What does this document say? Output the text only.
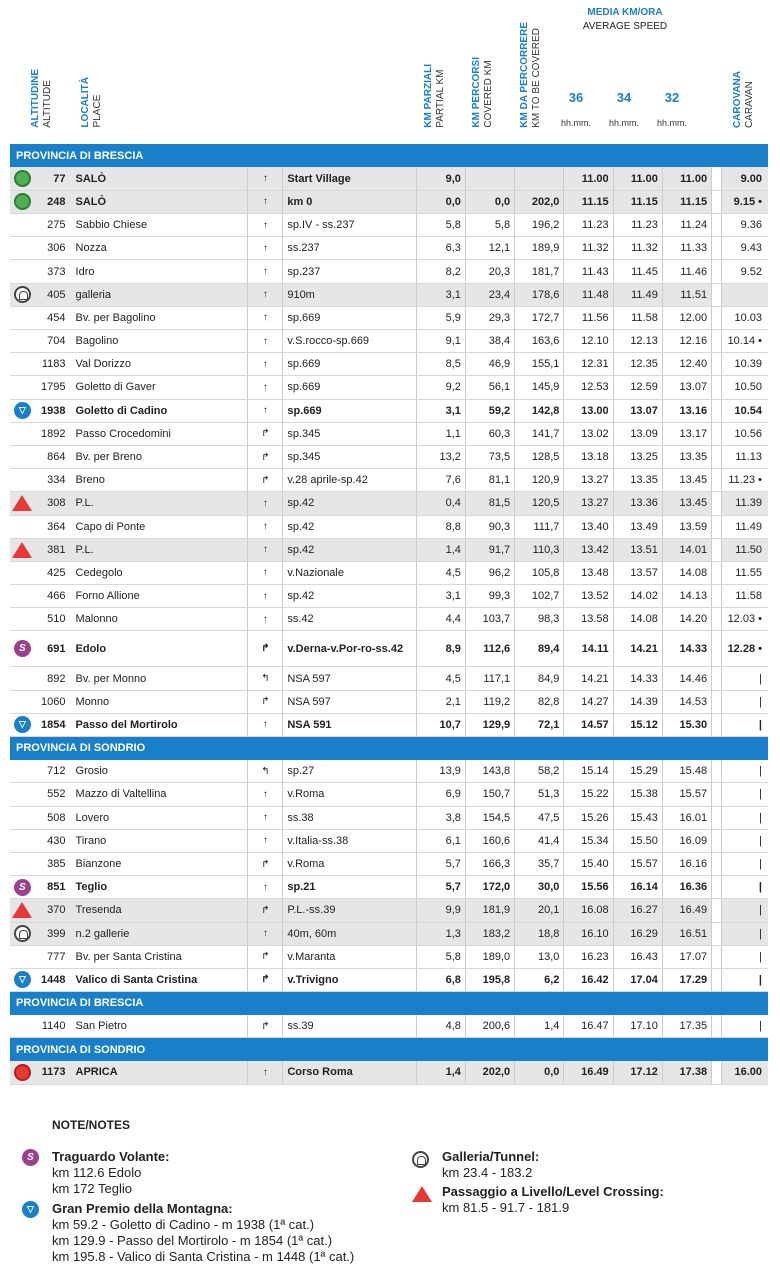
ALTITUDINE ALTITUDE	LOCALITÀ PLACE	KM PARZIALI PARTIAL KM	KM PERCORSI COVERED KM	KM DA PERCORRERE KM TO BE COVERED
MEDIA KM/ORA
AVERAGE SPEED
36	34	32
hh.mm.	hh.mm.	hh.mm.	CAROVANA CARAVAN
PROVINCIA DI BRESCIA												
	77	SALÒ	↑	Start Village	9,0			11.00	11.00	11.00		9.00
	248	SALÒ	↑	km 0	0,0	0,0	202,0	11.15	11.15	11.15		9.15 •
	275	Sabbio Chiese	↑	sp.IV - ss.237	5,8	5,8	196,2	11.23	11.23	11.24		9.36
	306	Nozza	↑	ss.237	6,3	12,1	189,9	11.32	11.32	11.33		9.43
	373	Idro	↑	sp.237	8,2	20,3	181,7	11.43	11.45	11.46		9.52
	405	galleria	↑	910m	3,1	23,4	178,6	11.48	11.49	11.51		
	454	Bv. per Bagolino	↑	sp.669	5,9	29,3	172,7	11.56	11.58	12.00		10.03
	704	Bagolino	↑	v.S.rocco-sp.669	9,1	38,4	163,6	12.10	12.13	12.16		10.14 •
	1183	Val Dorizzo	↑	sp.669	8,5	46,9	155,1	12.31	12.35	12.40		10.39
	1795	Goletto di Gaver	↑	sp.669	9,2	56,1	145,9	12.53	12.59	13.07		10.50
▽	1938	Goletto di Cadino	↑	sp.669	3,1	59,2	142,8	13.00	13.07	13.16		10.54
	1892	Passo Crocedomini	↱	sp.345	1,1	60,3	141,7	13.02	13.09	13.17		10.56
	864	Bv. per Breno	↱	sp.345	13,2	73,5	128,5	13.18	13.25	13.35		11.13
	334	Breno	↱	v.28 aprile-sp.42	7,6	81,1	120,9	13.27	13.35	13.45		11.23 •
	308	P.L.	↑	sp.42	0,4	81,5	120,5	13.27	13.36	13.45		11.39
	364	Capo di Ponte	↑	sp.42	8,8	90,3	111,7	13.40	13.49	13.59		11.49
	381	P.L.	↑	sp.42	1,4	91,7	110,3	13.42	13.51	14.01		11.50
	425	Cedegolo	↑	v.Nazionale	4,5	96,2	105,8	13.48	13.57	14.08		11.55
	466	Forno Allione	↑	sp.42	3,1	99,3	102,7	13.52	14.02	14.13		11.58
	510	Malonno	↑	ss.42	4,4	103,7	98,3	13.58	14.08	14.20		12.03 •
S	691	Edolo	↱	v.Derna-v.Por-ro-ss.42	8,9	112,6	89,4	14.11	14.21	14.33		12.28 •
	892	Bv. per Monno	↰	NSA 597	4,5	117,1	84,9	14.21	14.33	14.46		|
	1060	Monno	↱	NSA 597	2,1	119,2	82,8	14.27	14.39	14.53		|
▽	1854	Passo del Mortirolo	↑	NSA 591	10,7	129,9	72,1	14.57	15.12	15.30		|
PROVINCIA DI SONDRIO												
	712	Grosio	↰	sp.27	13,9	143,8	58,2	15.14	15.29	15.48		|
	552	Mazzo di Valtellina	↑	v.Roma	6,9	150,7	51,3	15.22	15.38	15.57		|
	508	Lovero	↑	ss.38	3,8	154,5	47,5	15.26	15.43	16.01		|
	430	Tirano	↑	v.Italia-ss.38	6,1	160,6	41,4	15.34	15.50	16.09		|
	385	Bianzone	↱	v.Roma	5,7	166,3	35,7	15.40	15.57	16.16		|
S	851	Teglio	↑	sp.21	5,7	172,0	30,0	15.56	16.14	16.36		|
	370	Tresenda	↱	P.L.-ss.39	9,9	181,9	20,1	16.08	16.27	16.49		|
	399	n.2 gallerie	↑	40m, 60m	1,3	183,2	18,8	16.10	16.29	16.51		|
	777	Bv. per Santa Cristina	↱	v.Maranta	5,8	189,0	13,0	16.23	16.43	17.07		|
▽	1448	Valico di Santa Cristina	↱	v.Trivigno	6,8	195,8	6,2	16.42	17.04	17.29		|
PROVINCIA DI BRESCIA												
	1140	San Pietro	↱	ss.39	4,8	200,6	1,4	16.47	17.10	17.35		|
PROVINCIA DI SONDRIO												
	1173	APRICA	↑	Corso Roma	1,4	202,0	0,0	16.49	17.12	17.38		16.00
NOTE/NOTES
S	Traguardo Volante:
km 112.6 Edolo
km 172 Teglio
▽	Gran Premio della Montagna:
km 59.2 - Goletto di Cadino - m 1938 (1ª cat.)
km 129.9 - Passo del Mortirolo - m 1854 (1ª cat.)
km 195.8 - Valico di Santa Cristina - m 1448 (1ª cat.)
Galleria/Tunnel:
km 23.4 - 183.2
Passaggio a Livello/Level Crossing:
km 81.5 - 91.7 - 181.9
